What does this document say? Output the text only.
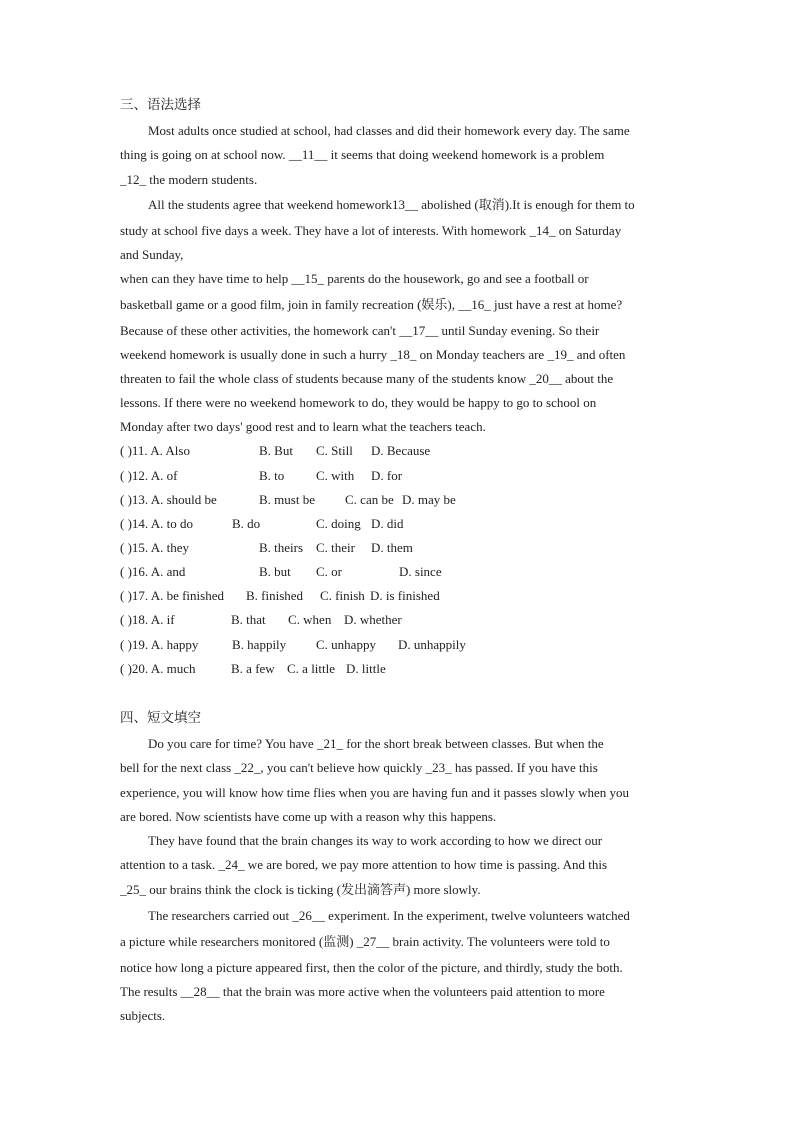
三、语法选择
Most adults once studied at school, had classes and did their homework every day. The same
thing is going on at school now. __11__ it seems that doing weekend homework is a problem
_12_ the modern students.
All the students agree that weekend homework13__ abolished (取消).It is enough for them to
study at school five days a week. They have a lot of interests. With homework _14_ on Saturday
and Sunday,
when can they have time to help __15_ parents do the housework, go and see a football or
basketball game or a good film, join in family recreation (娱乐), __16_ just have a rest at home?
Because of these other activities, the homework can't __17__ until Sunday evening. So their
weekend homework is usually done in such a hurry _18_ on Monday teachers are _19_ and often
threaten to fail the whole class of students because many of the students know _20__ about the
lessons. If there were no weekend homework to do, they would be happy to go to school on
Monday after two days' good rest and to learn what the teachers teach.
( )11. A. Also	B. But C. Still D. Because
( )12. A. of	B. to C. with D. for
( )13. A. should be	B. must be C. can be D. may be
( )14. A. to do	B. do	C. doing D. did
( )15. A. they	B. theirs C. their D. them
( )16. A. and	B. but C. or	D. since
( )17. A. be finished B. finished C. finish D. is finished
( )18. A. if	B. that C. when D. whether
( )19. A. happy	B. happily C. unhappy D. unhappily
( )20. A. much	B. a few C. a little D. little
四、短文填空
Do you care for time? You have _21_ for the short break between classes. But when the
bell for the next class _22_, you can't believe how quickly _23_ has passed. If you have this
experience, you will know how time flies when you are having fun and it passes slowly when you
are bored. Now scientists have come up with a reason why this happens.
They have found that the brain changes its way to work according to how we direct our
attention to a task. _24_ we are bored, we pay more attention to how time is passing. And this
_25_ our brains think the clock is ticking (发出滴答声) more slowly.
The researchers carried out _26__ experiment. In the experiment, twelve volunteers watched
a picture while researchers monitored (监测) _27__ brain activity. The volunteers were told to
notice how long a picture appeared first, then the color of the picture, and thirdly, study the both.
The results __28__ that the brain was more active when the volunteers paid attention to more
subjects.
